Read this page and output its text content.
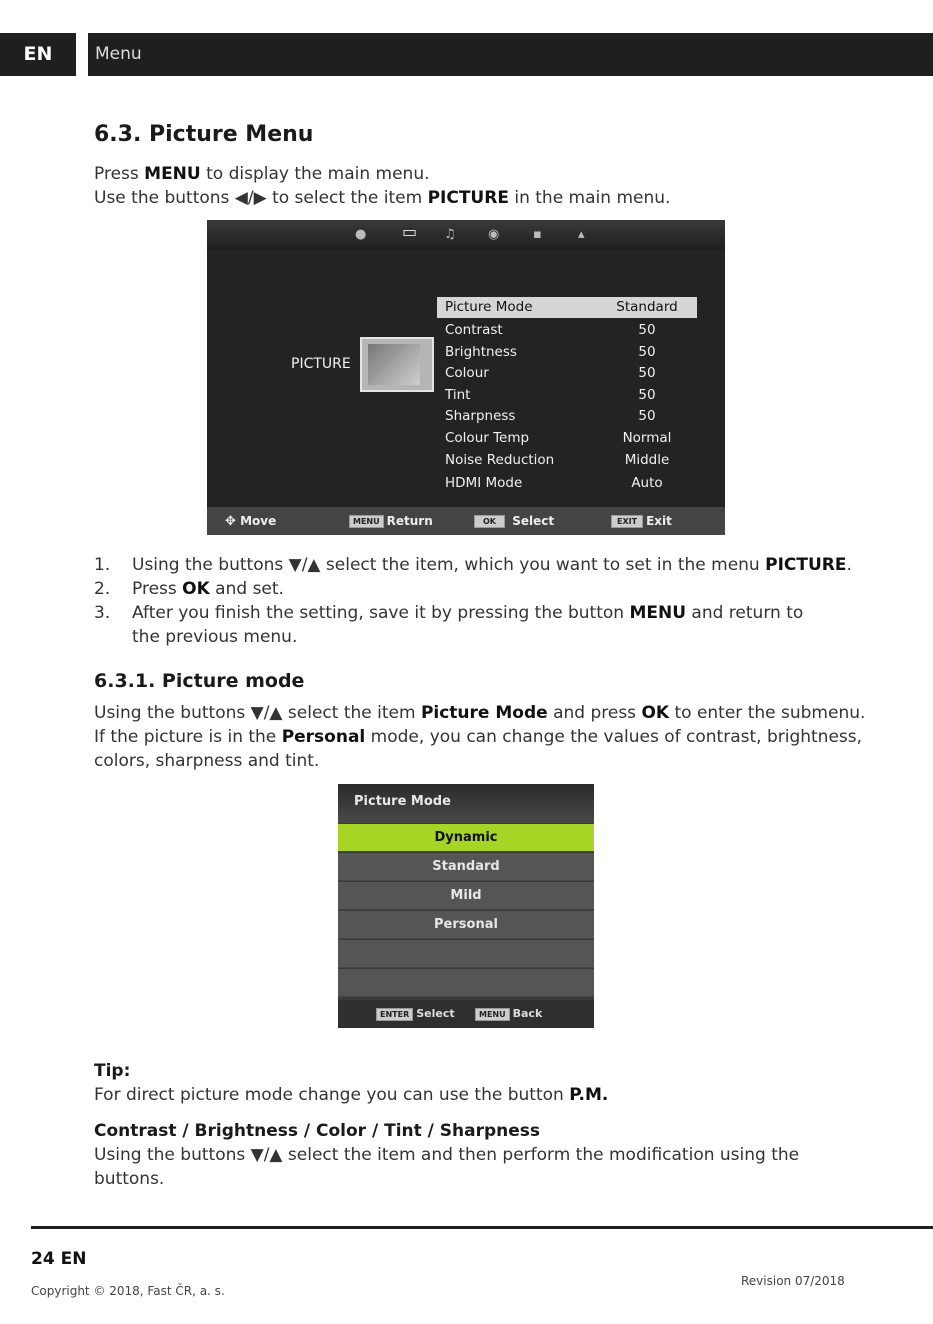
EN	Menu
6.3. Picture Menu
Press MENU to display the main menu.
Use the buttons ◀/▶ to select the item PICTURE in the main menu.
● ▭ ♫ ◉	▪	▴
PICTURE
Picture Mode	Standard
Contrast	50
Brightness	50
Colour	50
Tint	50
Sharpness	50
Colour Temp	Normal
Noise Reduction	Middle
HDMI Mode	Auto
✥ Move	MENU Return	OK Select	EXIT Exit
1. Using the buttons ▼/▲ select the item, which you want to set in the menu PICTURE.
2. Press OK and set.
3. After you finish the setting, save it by pressing the button MENU and return to the previous menu.
6.3.1. Picture mode
Using the buttons ▼/▲ select the item Picture Mode and press OK to enter the submenu.
If the picture is in the Personal mode, you can change the values of contrast, brightness,
colors, sharpness and tint.
Picture Mode
Dynamic
Standard
Mild
Personal
ENTER Select	MENU Back
Tip:
For direct picture mode change you can use the button P.M.
Contrast / Brightness / Color / Tint / Sharpness
Using the buttons ▼/▲ select the item and then perform the modification using the
buttons.
24 EN
Copyright © 2018, Fast ČR, a. s.
Revision 07/2018
